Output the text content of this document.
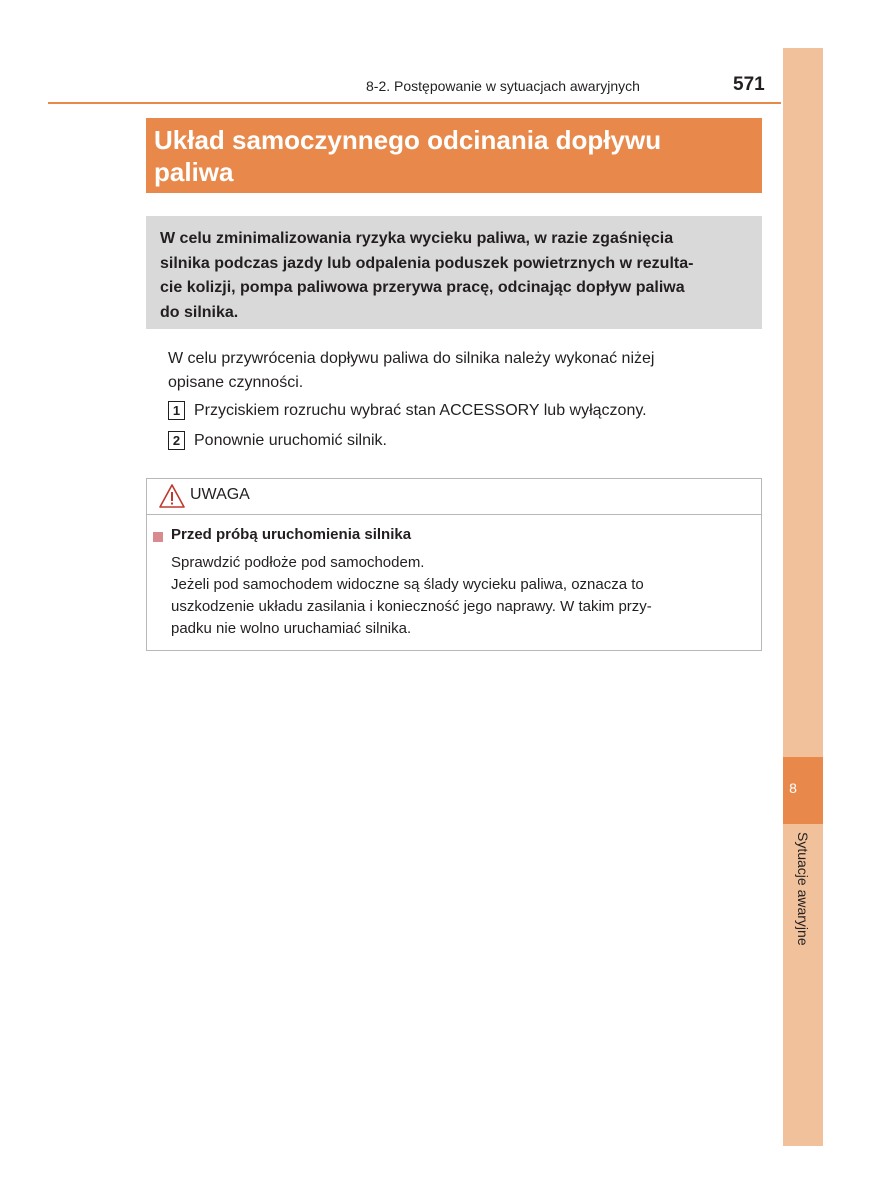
8
Sytuacje awaryjne
8-2. Postępowanie w sytuacjach awaryjnych	571
Układ samoczynnego odcinania dopływu
paliwa
W celu zminimalizowania ryzyka wycieku paliwa, w razie zgaśnięcia
silnika podczas jazdy lub odpalenia poduszek powietrznych w rezulta-
cie kolizji, pompa paliwowa przerywa pracę, odcinając dopływ paliwa
do silnika.
W celu przywrócenia dopływu paliwa do silnika należy wykonać niżej
opisane czynności.
1 Przyciskiem rozruchu wybrać stan ACCESSORY lub wyłączony.
2 Ponownie uruchomić silnik.
UWAGA
Przed próbą uruchomienia silnika

Sprawdzić podłoże pod samochodem.

Jeżeli pod samochodem widoczne są ślady wycieku paliwa, oznacza to

uszkodzenie układu zasilania i konieczność jego naprawy. W takim przy-

padku nie wolno uruchamiać silnika.
